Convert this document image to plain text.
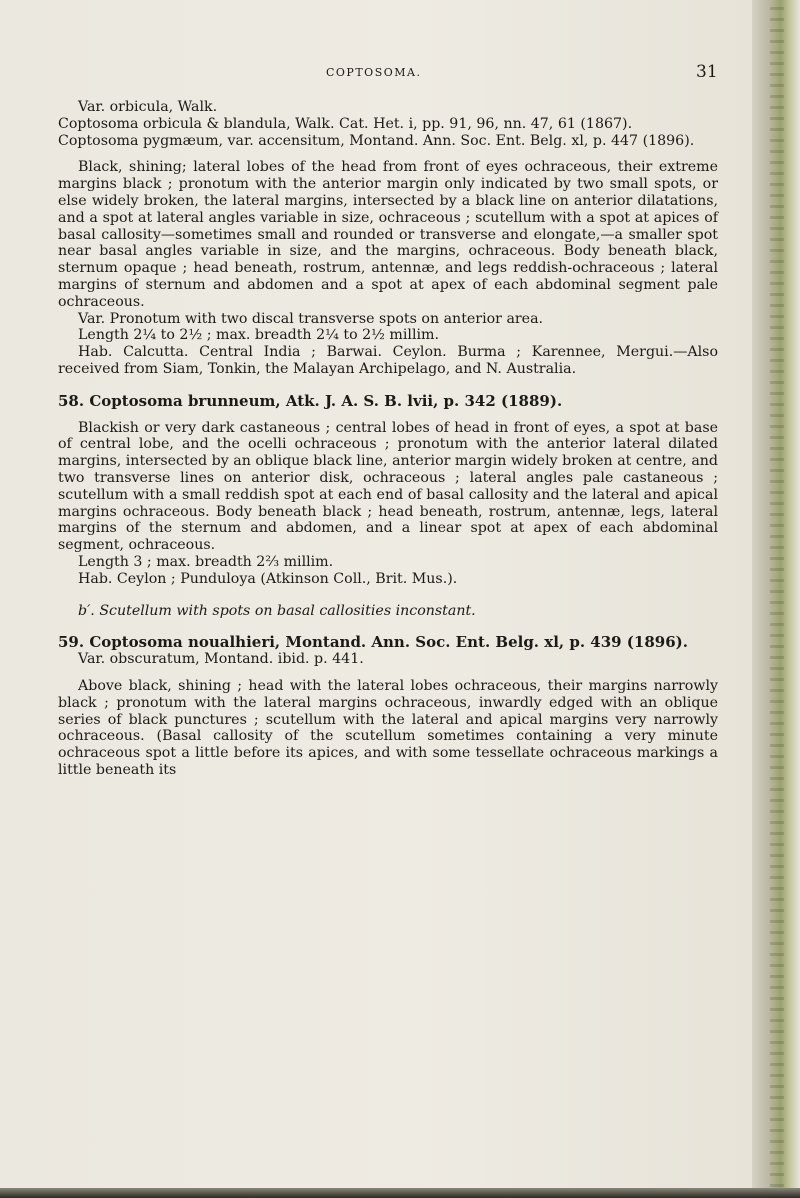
COPTOSOMA.	31

Var. orbicula, Walk.

Coptosoma orbicula & blandula, Walk. Cat. Het. i, pp. 91, 96, nn. 47, 61 (1867).

Coptosoma pygmæum, var. accensitum, Montand. Ann. Soc. Ent. Belg. xl, p. 447 (1896).

Black, shining; lateral lobes of the head from front of eyes ochraceous, their extreme margins black ; pronotum with the anterior margin only indicated by two small spots, or else widely broken, the lateral margins, intersected by a black line on anterior dilatations, and a spot at lateral angles variable in size, ochraceous ; scutellum with a spot at apices of basal callosity—sometimes small and rounded or transverse and elongate,—a smaller spot near basal angles variable in size, and the margins, ochraceous. Body beneath black, sternum opaque ; head beneath, rostrum, antennæ, and legs reddish-ochraceous ; lateral margins of sternum and abdomen and a spot at apex of each abdominal segment pale ochraceous.

Var. Pronotum with two discal transverse spots on anterior area.

Length 2¼ to 2½ ; max. breadth 2¼ to 2½ millim.

Hab. Calcutta. Central India ; Barwai. Ceylon. Burma ; Karennee, Mergui.—Also received from Siam, Tonkin, the Malayan Archipelago, and N. Australia.

58. Coptosoma brunneum, Atk. J. A. S. B. lvii, p. 342 (1889).

Blackish or very dark castaneous ; central lobes of head in front of eyes, a spot at base of central lobe, and the ocelli ochraceous ; pronotum with the anterior lateral dilated margins, intersected by an oblique black line, anterior margin widely broken at centre, and two transverse lines on anterior disk, ochraceous ; lateral angles pale castaneous ; scutellum with a small reddish spot at each end of basal callosity and the lateral and apical margins ochraceous. Body beneath black ; head beneath, rostrum, antennæ, legs, lateral margins of the sternum and abdomen, and a linear spot at apex of each abdominal segment, ochraceous.

Length 3 ; max. breadth 2⅔ millim.

Hab. Ceylon ; Punduloya (Atkinson Coll., Brit. Mus.).

b′. Scutellum with spots on basal callosities inconstant.

59. Coptosoma noualhieri, Montand. Ann. Soc. Ent. Belg. xl, p. 439 (1896).

Var. obscuratum, Montand. ibid. p. 441.

Above black, shining ; head with the lateral lobes ochraceous, their margins narrowly black ; pronotum with the lateral margins ochraceous, inwardly edged with an oblique series of black punctures ; scutellum with the lateral and apical margins very narrowly ochraceous. (Basal callosity of the scutellum sometimes containing a very minute ochraceous spot a little before its apices, and with some tessellate ochraceous markings a little beneath its
